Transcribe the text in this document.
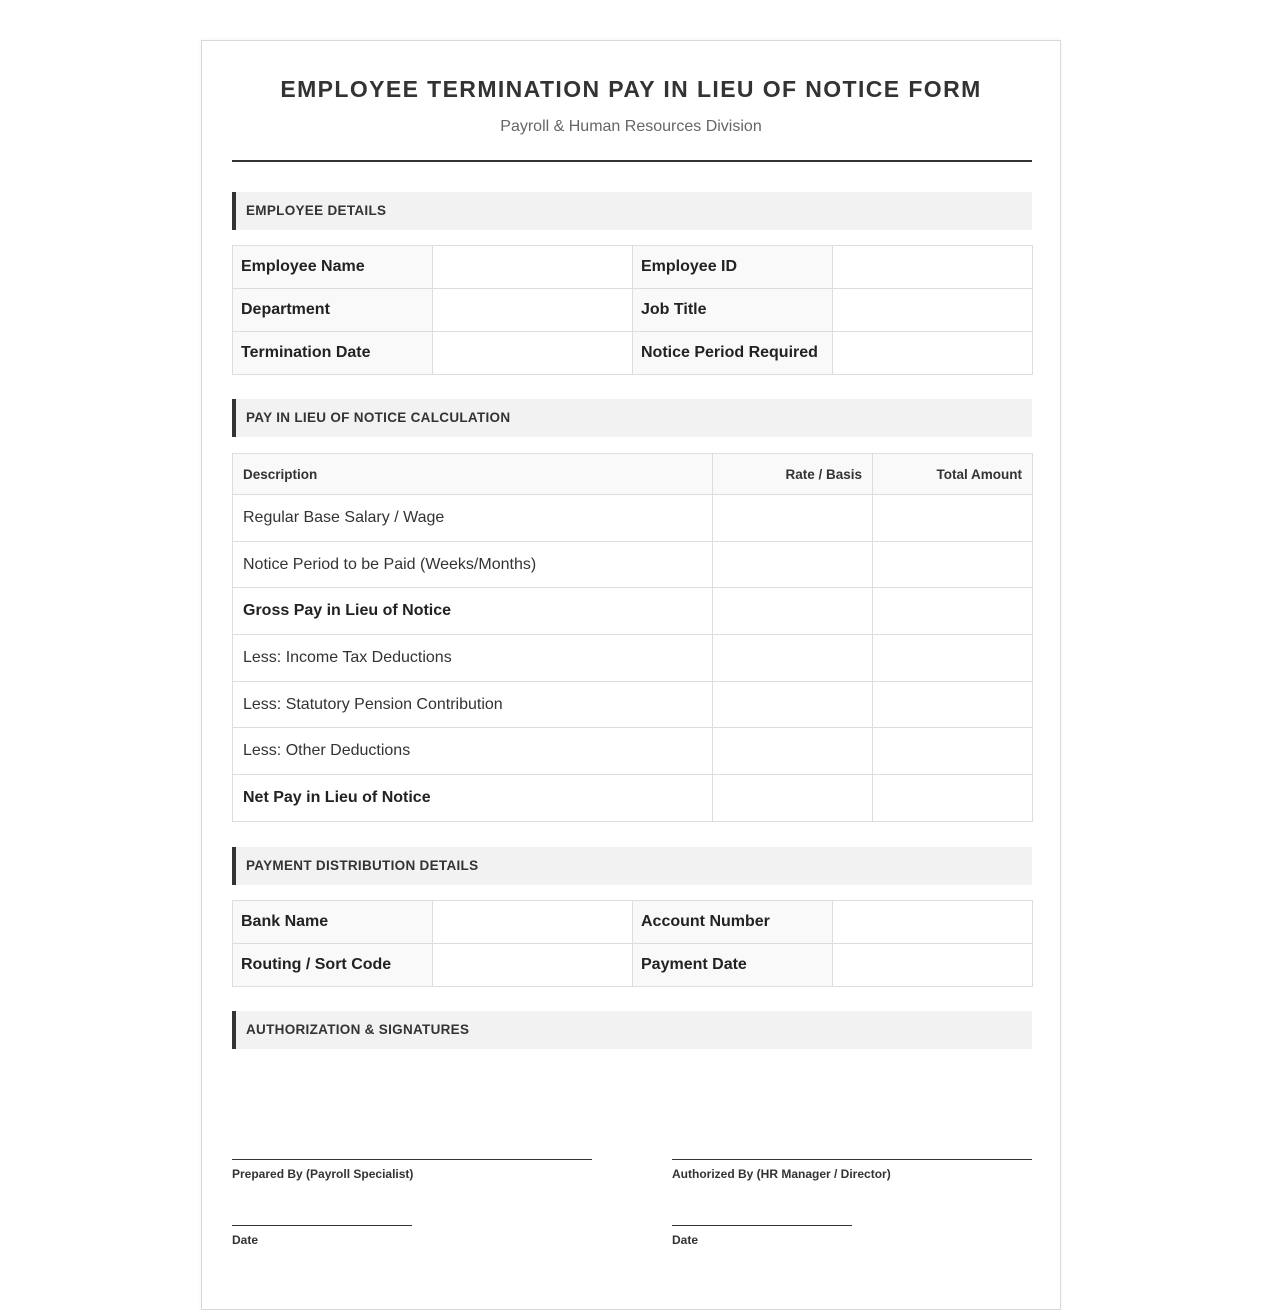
EMPLOYEE TERMINATION PAY IN LIEU OF NOTICE FORM
Payroll & Human Resources Division
EMPLOYEE DETAILS
Employee Name		Employee ID	
Department		Job Title	
Termination Date		Notice Period Required	
PAY IN LIEU OF NOTICE CALCULATION
Description	Rate / Basis	Total Amount
Regular Base Salary / Wage		
Notice Period to be Paid (Weeks/Months)		
Gross Pay in Lieu of Notice		
Less: Income Tax Deductions		
Less: Statutory Pension Contribution		
Less: Other Deductions		
Net Pay in Lieu of Notice		
PAYMENT DISTRIBUTION DETAILS
Bank Name		Account Number	
Routing / Sort Code		Payment Date	
AUTHORIZATION & SIGNATURES
Prepared By (Payroll Specialist)	Authorized By (HR Manager / Director)
Date	Date
